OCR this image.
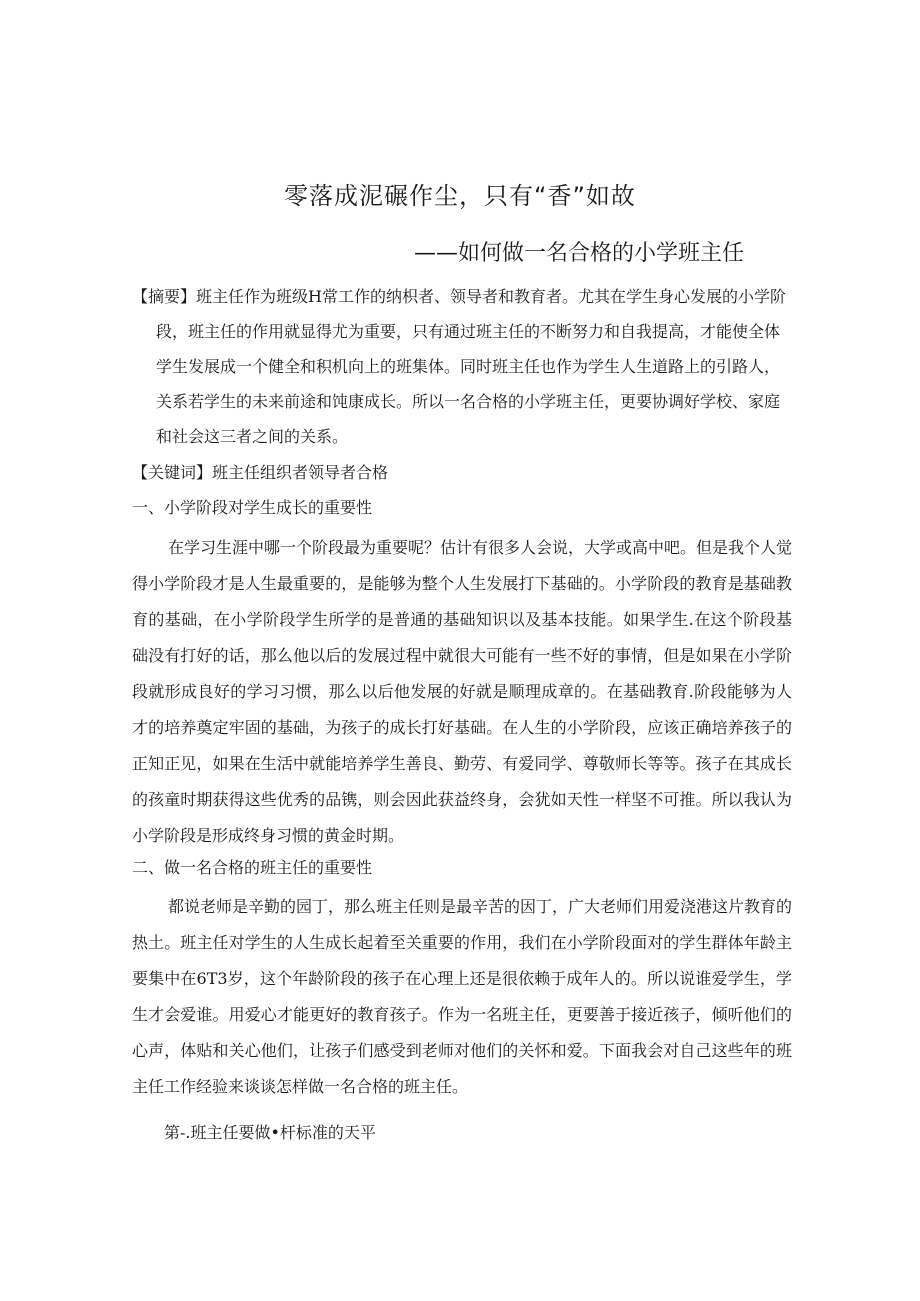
零落成泥碾作尘，只有“香”如故
——如何做一名合格的小学班主任
【摘要】班主任作为班级H常工作的纳枳者、领导者和教育者。尤其在学生身心发展的小学阶段，班主任的作用就显得尤为重要，只有通过班主任的不断努力和自我提高，才能使全体学生发展成一个健全和积机向上的班集体。同时班主任也作为学生人生道路上的引路人，关系若学生的未来前途和饨康成长。所以一名合格的小学班主任，更要协调好学校、家庭和社会这三者之间的关系。
【关键词】班主任组织者领导者合格
一、小学阶段对学生成长的重要性
在学习生涯中哪一个阶段最为重要呢？估计有很多人会说，大学或高中吧。但是我个人觉得小学阶段才是人生最重要的，是能够为整个人生发展打下基础的。小学阶段的教育是基础教育的基础，在小学阶段学生所学的是普通的基础知识以及基本技能。如果学生.在这个阶段基础没有打好的话，那么他以后的发展过程中就很大可能有一些不好的事情，但是如果在小学阶段就形成良好的学习习惯，那么以后他发展的好就是顺理成章的。在基础教育.阶段能够为人才的培养奠定牢固的基础，为孩子的成长打好基础。在人生的小学阶段，应该正确培养孩子的正知正见，如果在生活中就能培养学生善良、勤劳、有爱同学、尊敬师长等等。孩子在其成长的孩童时期获得这些优秀的品镌，则会因此获益终身，会犹如天性一样坚不可推。所以我认为小学阶段是形成终身习惯的黄金时期。
二、做一名合格的班主任的重要性
都说老师是辛勤的园丁，那么班主任则是最辛苦的因丁，广大老师们用爱浇港这片教育的热土。班主任对学生的人生成长起着至关重要的作用，我们在小学阶段面对的学生群体年龄主要集中在6T3岁，这个年龄阶段的孩子在心理上还是很依赖于成年人的。所以说谁爱学生，学生才会爱谁。用爱心才能更好的教育孩子。作为一名班主任，更要善于接近孩子，倾听他们的心声，体贴和关心他们，让孩子们感受到老师对他们的关怀和爱。下面我会对自己这些年的班主任工作经验来谈谈怎样做一名合格的班主任。
第-.班主任要做•杆标准的天平
